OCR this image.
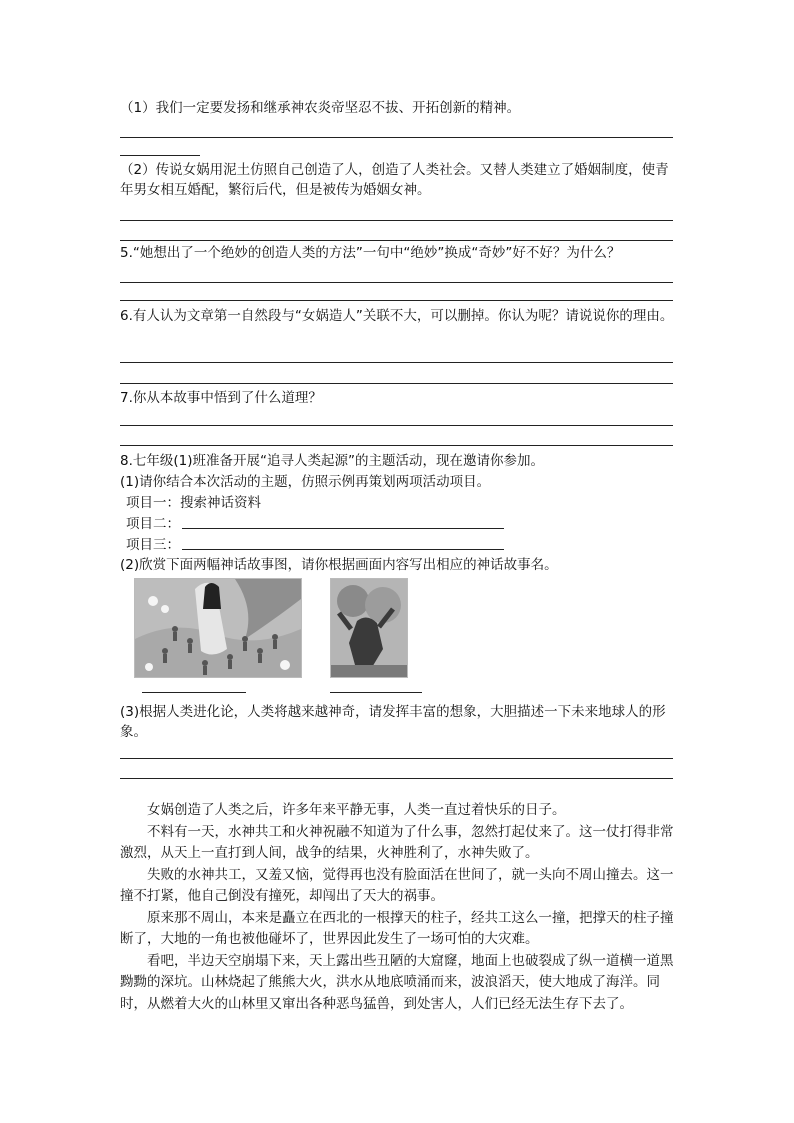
（1）我们一定要发扬和继承神农炎帝坚忍不拔、开拓创新的精神。
（2）传说女娲用泥土仿照自己创造了人，创造了人类社会。又替人类建立了婚姻制度，使青年男女相互婚配，繁衍后代，但是被传为婚姻女神。
5.“她想出了一个绝妙的创造人类的方法”一句中“绝妙”换成“奇妙”好不好？为什么？
6.有人认为文章第一自然段与“女娲造人”关联不大，可以删掉。你认为呢？请说说你的理由。
7.你从本故事中悟到了什么道理？
8.七年级(1)班准备开展“追寻人类起源”的主题活动，现在邀请你参加。
(1)请你结合本次活动的主题，仿照示例再策划两项活动项目。
项目一：搜索神话资料
项目二：
项目三：
(2)欣赏下面两幅神话故事图，请你根据画面内容写出相应的神话故事名。
(3)根据人类进化论，人类将越来越神奇，请发挥丰富的想象，大胆描述一下未来地球人的形象。

女娲创造了人类之后，许多年来平静无事，人类一直过着快乐的日子。

不料有一天，水神共工和火神祝融不知道为了什么事，忽然打起仗来了。这一仗打得非常激烈，从天上一直打到人间，战争的结果，火神胜利了，水神失败了。

失败的水神共工，又羞又恼，觉得再也没有脸面活在世间了，就一头向不周山撞去。这一撞不打紧，他自己倒没有撞死，却闯出了天大的祸事。

原来那不周山，本来是矗立在西北的一根撑天的柱子，经共工这么一撞，把撑天的柱子撞断了，大地的一角也被他碰坏了，世界因此发生了一场可怕的大灾难。

看吧，半边天空崩塌下来，天上露出些丑陋的大窟窿，地面上也破裂成了纵一道横一道黑黝黝的深坑。山林烧起了熊熊大火，洪水从地底喷涌而来，波浪滔天，使大地成了海洋。同时，从燃着大火的山林里又窜出各种恶鸟猛兽，到处害人，人们已经无法生存下去了。
